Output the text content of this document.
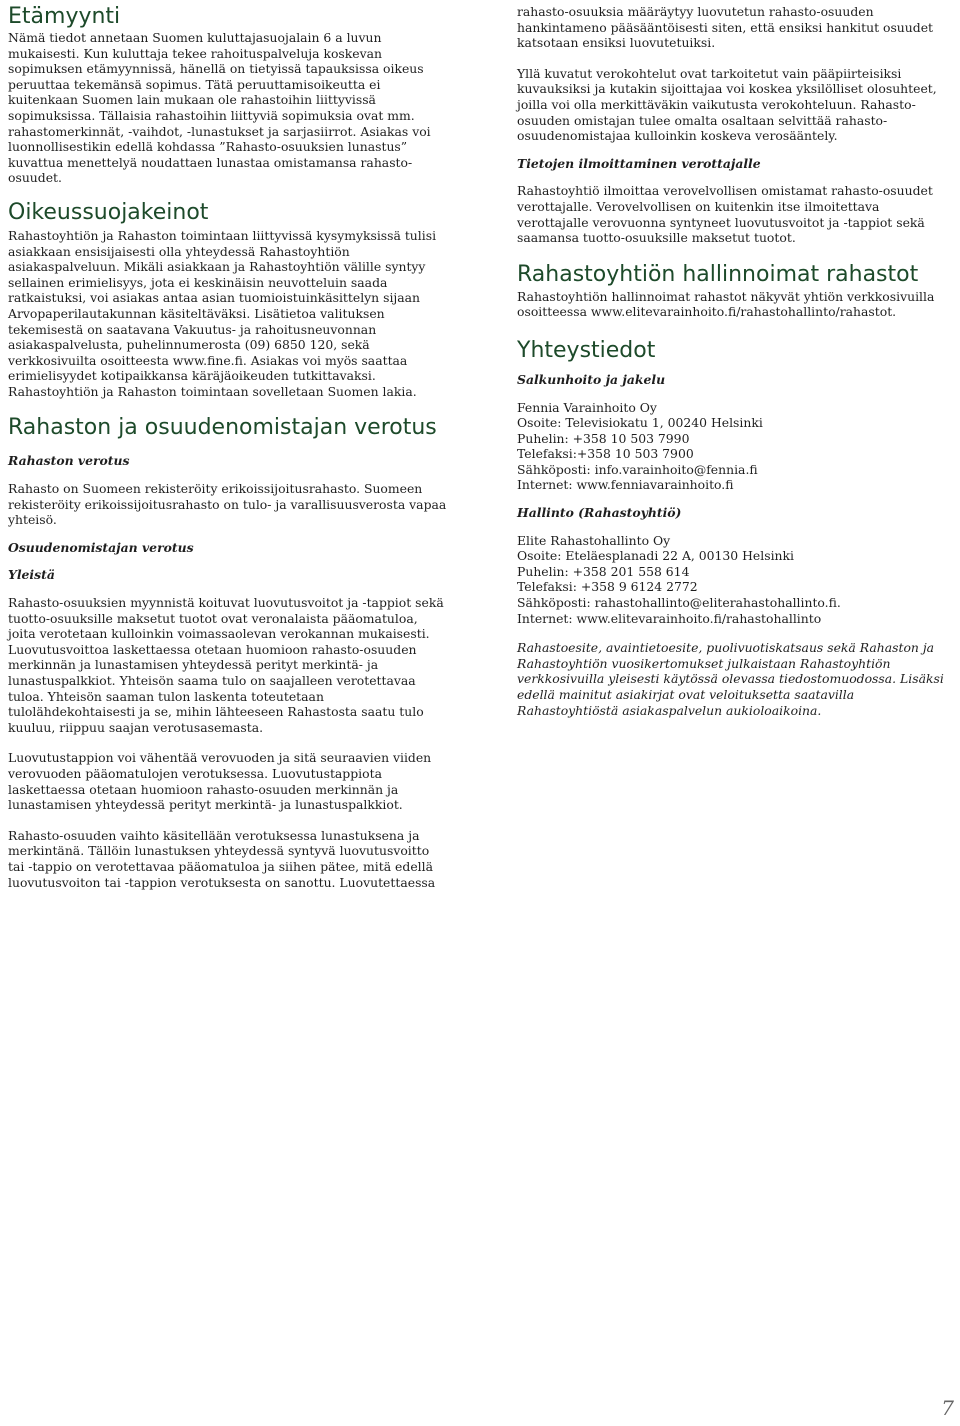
Etämyynti

Nämä tiedot annetaan Suomen kuluttajasuojalain 6 a luvun mukaisesti. Kun kuluttaja tekee rahoituspalveluja koskevan sopimuksen etämyynnissä, hänellä on tietyissä tapauksissa oikeus peruuttaa tekemänsä sopimus. Tätä peruuttamisoikeutta ei kuitenkaan Suomen lain mukaan ole rahastoihin liittyvissä sopimuksissa. Tällaisia rahastoihin liittyviä sopimuksia ovat mm. rahastomerkinnät, -vaihdot, -lunastukset ja sarjasiirrot. Asiakas voi luonnollisestikin edellä kohdassa ”Rahasto-osuuksien lunastus” kuvattua menettelyä noudattaen lunastaa omistamansa rahasto-osuudet.

Oikeussuojakeinot

Rahastoyhtiön ja Rahaston toimintaan liittyvissä kysymyksissä tulisi asiakkaan ensisijaisesti olla yhteydessä Rahastoyhtiön asiakaspalveluun. Mikäli asiakkaan ja Rahastoyhtiön välille syntyy sellainen erimielisyys, jota ei keskinäisin neuvotteluin saada ratkaistuksi, voi asiakas antaa asian tuomioistuinkäsittelyn sijaan Arvopaperilautakunnan käsiteltäväksi. Lisätietoa valituksen tekemisestä on saatavana Vakuutus- ja rahoitusneuvonnan asiakaspalvelusta, puhelinnumerosta (09) 6850 120, sekä verkkosivuilta osoitteesta www.fine.fi. Asiakas voi myös saattaa erimielisyydet kotipaikkansa käräjäoikeuden tutkittavaksi. Rahastoyhtiön ja Rahaston toimintaan sovelletaan Suomen lakia.

Rahaston ja osuudenomistajan verotus

Rahaston verotus

Rahasto on Suomeen rekisteröity erikoissijoitusrahasto. Suomeen rekisteröity erikoissijoitusrahasto on tulo- ja varallisuusverosta vapaa yhteisö.

Osuudenomistajan verotus

Yleistä

Rahasto-osuuksien myynnistä koituvat luovutusvoitot ja -tappiot sekä tuotto-osuuksille maksetut tuotot ovat veronalaista pääomatuloa, joita verotetaan kulloinkin voimassaolevan verokannan mukaisesti. Luovutusvoittoa laskettaessa otetaan huomioon rahasto-osuuden merkinnän ja lunastamisen yhteydessä perityt merkintä- ja lunastuspalkkiot. Yhteisön saama tulo on saajalleen verotettavaa tuloa. Yhteisön saaman tulon laskenta toteutetaan tulolähdekohtaisesti ja se, mihin lähteeseen Rahastosta saatu tulo kuuluu, riippuu saajan verotusasemasta.

Luovutustappion voi vähentää verovuoden ja sitä seuraavien viiden verovuoden pääomatulojen verotuksessa. Luovutustappiota laskettaessa otetaan huomioon rahasto-osuuden merkinnän ja lunastamisen yhteydessä perityt merkintä- ja lunastuspalkkiot.

Rahasto-osuuden vaihto käsitellään verotuksessa lunastuksena ja merkintänä. Tällöin lunastuksen yhteydessä syntyvä luovutusvoitto tai -tappio on verotettavaa pääomatuloa ja siihen pätee, mitä edellä luovutusvoiton tai -tappion verotuksesta on sanottu. Luovutettaessa

rahasto-osuuksia määräytyy luovutetun rahasto-osuuden hankintameno pääsääntöisesti siten, että ensiksi hankitut osuudet katsotaan ensiksi luovutetuiksi.

Yllä kuvatut verokohtelut ovat tarkoitetut vain pääpiirteisiksi kuvauksiksi ja kutakin sijoittajaa voi koskea yksilölliset olosuhteet, joilla voi olla merkittäväkin vaikutusta verokohteluun. Rahasto-osuuden omistajan tulee omalta osaltaan selvittää rahasto-osuudenomistajaa kulloinkin koskeva verosääntely.

Tietojen ilmoittaminen verottajalle

Rahastoyhtiö ilmoittaa verovelvollisen omistamat rahasto-osuudet verottajalle. Verovelvollisen on kuitenkin itse ilmoitettava verottajalle verovuonna syntyneet luovutusvoitot ja -tappiot sekä saamansa tuotto-osuuksille maksetut tuotot.

Rahastoyhtiön hallinnoimat rahastot

Rahastoyhtiön hallinnoimat rahastot näkyvät yhtiön verkkosivuilla osoitteessa www.elitevarainhoito.fi/rahastohallinto/rahastot.

Yhteystiedot

Salkunhoito ja jakelu

Fennia Varainhoito Oy
Osoite: Televisiokatu 1, 00240 Helsinki
Puhelin: +358 10 503 7990
Telefaksi:+358 10 503 7900
Sähköposti: info.varainhoito@fennia.fi
Internet: www.fenniavarainhoito.fi

Hallinto (Rahastoyhtiö)

Elite Rahastohallinto Oy
Osoite: Eteläesplanadi 22 A, 00130 Helsinki
Puhelin: +358 201 558 614
Telefaksi: +358 9 6124 2772
Sähköposti: rahastohallinto@eliterahastohallinto.fi.
Internet: www.elitevarainhoito.fi/rahastohallinto

Rahastoesite, avaintietoesite, puolivuotiskatsaus sekä Rahaston ja Rahastoyhtiön vuosikertomukset julkaistaan Rahastoyhtiön verkkosivuilla yleisesti käytössä olevassa tiedostomuodossa. Lisäksi edellä mainitut asiakirjat ovat veloituksetta saatavilla Rahastoyhtiöstä asiakaspalvelun aukioloaikoina.

7
